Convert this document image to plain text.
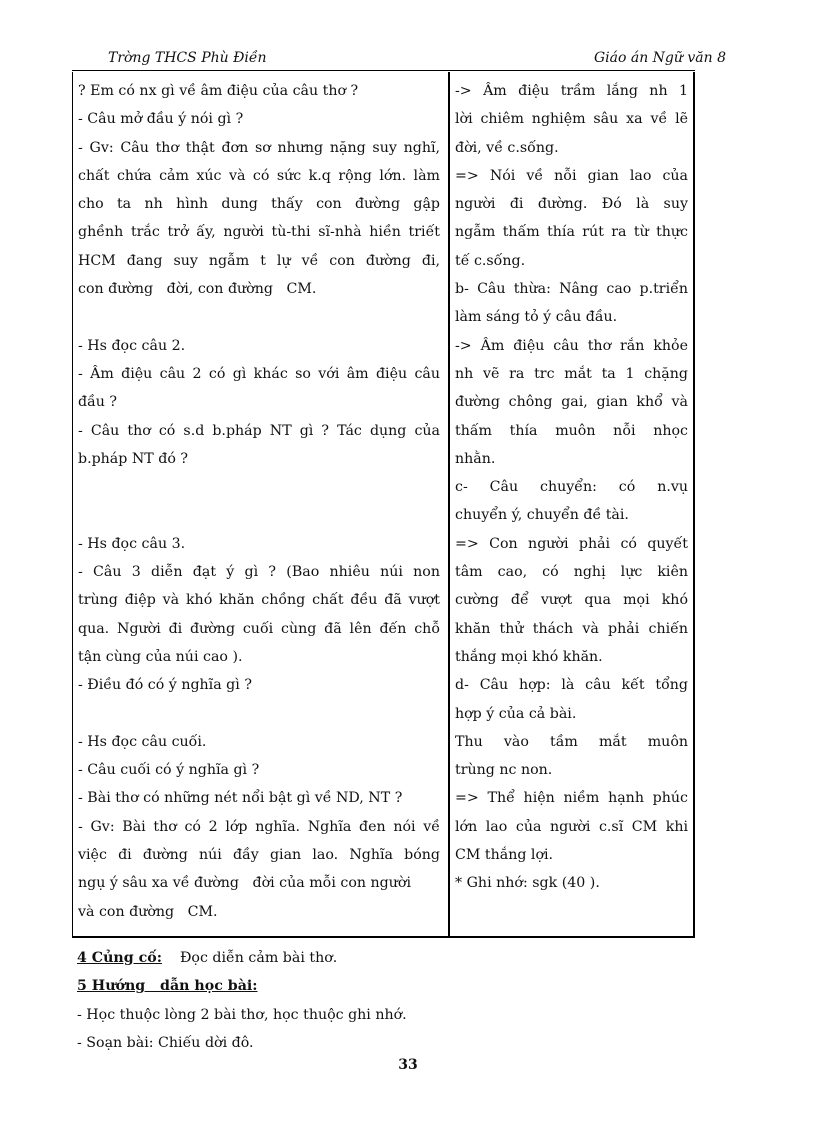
Trờng THCS Phù Điền	Giáo án Ngữ văn 8
? Em có nx gì về âm điệu của câu thơ ?
- Câu mở đầu ý nói gì ?
- Gv: Câu thơ thật đơn sơ nhưng nặng suy nghĩ,
chất chứa cảm xúc và có sức k.q rộng lớn. làm
cho ta nh hình dung thấy con đường gập
ghềnh trắc trở ấy, người tù-thi sĩ-nhà hiền triết
HCM đang suy ngẫm t lự về con đường đi,
con đường   đời, con đường   CM.
- Hs đọc câu 2.
- Âm điệu câu 2 có gì khác so với âm điệu câu
đầu ?
- Câu thơ có s.d b.pháp NT gì ? Tác dụng của
b.pháp NT đó ?
- Hs đọc câu 3.
- Câu 3 diễn đạt ý gì ? (Bao nhiêu núi non
trùng điệp và khó khăn chồng chất đều đã vượt
qua. Người đi đường cuối cùng đã lên đến chỗ
tận cùng của núi cao ).
- Điều đó có ý nghĩa gì ?
- Hs đọc câu cuối.
- Câu cuối có ý nghĩa gì ?
- Bài thơ có những nét nổi bật gì về ND, NT ?
- Gv: Bài thơ có 2 lớp nghĩa. Nghĩa đen nói về
việc đi đường núi đầy gian lao. Nghĩa bóng
ngụ ý sâu xa về đường   đời của mỗi con người
và con đường   CM.
-> Âm điệu trầm lắng nh 1
lời chiêm nghiệm sâu xa về lẽ
đời, về c.sống.
=> Nói về nỗi gian lao của
người đi đường. Đó là suy
ngẫm thấm thía rút ra từ thực
tế c.sống.
b- Câu thừa: Nâng cao p.triển
làm sáng tỏ ý câu đầu.
-> Âm điệu câu thơ rắn khỏe
nh vẽ ra trc mắt ta 1 chặng
đường chông gai, gian khổ và
thấm thía muôn nỗi nhọc
nhằn.
c- Câu chuyển: có n.vụ
chuyển ý, chuyển đề tài.
=> Con người phải có quyết
tâm cao, có nghị lực kiên
cường để vượt qua mọi khó
khăn thử thách và phải chiến
thắng mọi khó khăn.
d- Câu hợp: là câu kết tổng
hợp ý của cả bài.
Thu vào tầm mắt muôn
trùng nc non.
=> Thể hiện niềm hạnh phúc
lớn lao của người c.sĩ CM khi
CM thắng lợi.
* Ghi nhớ: sgk (40 ).
4 Củng cố:    Đọc diễn cảm bài thơ.
5 Hướng   dẫn học bài:
- Học thuộc lòng 2 bài thơ, học thuộc ghi nhớ.
- Soạn bài: Chiếu dời đô.
33
